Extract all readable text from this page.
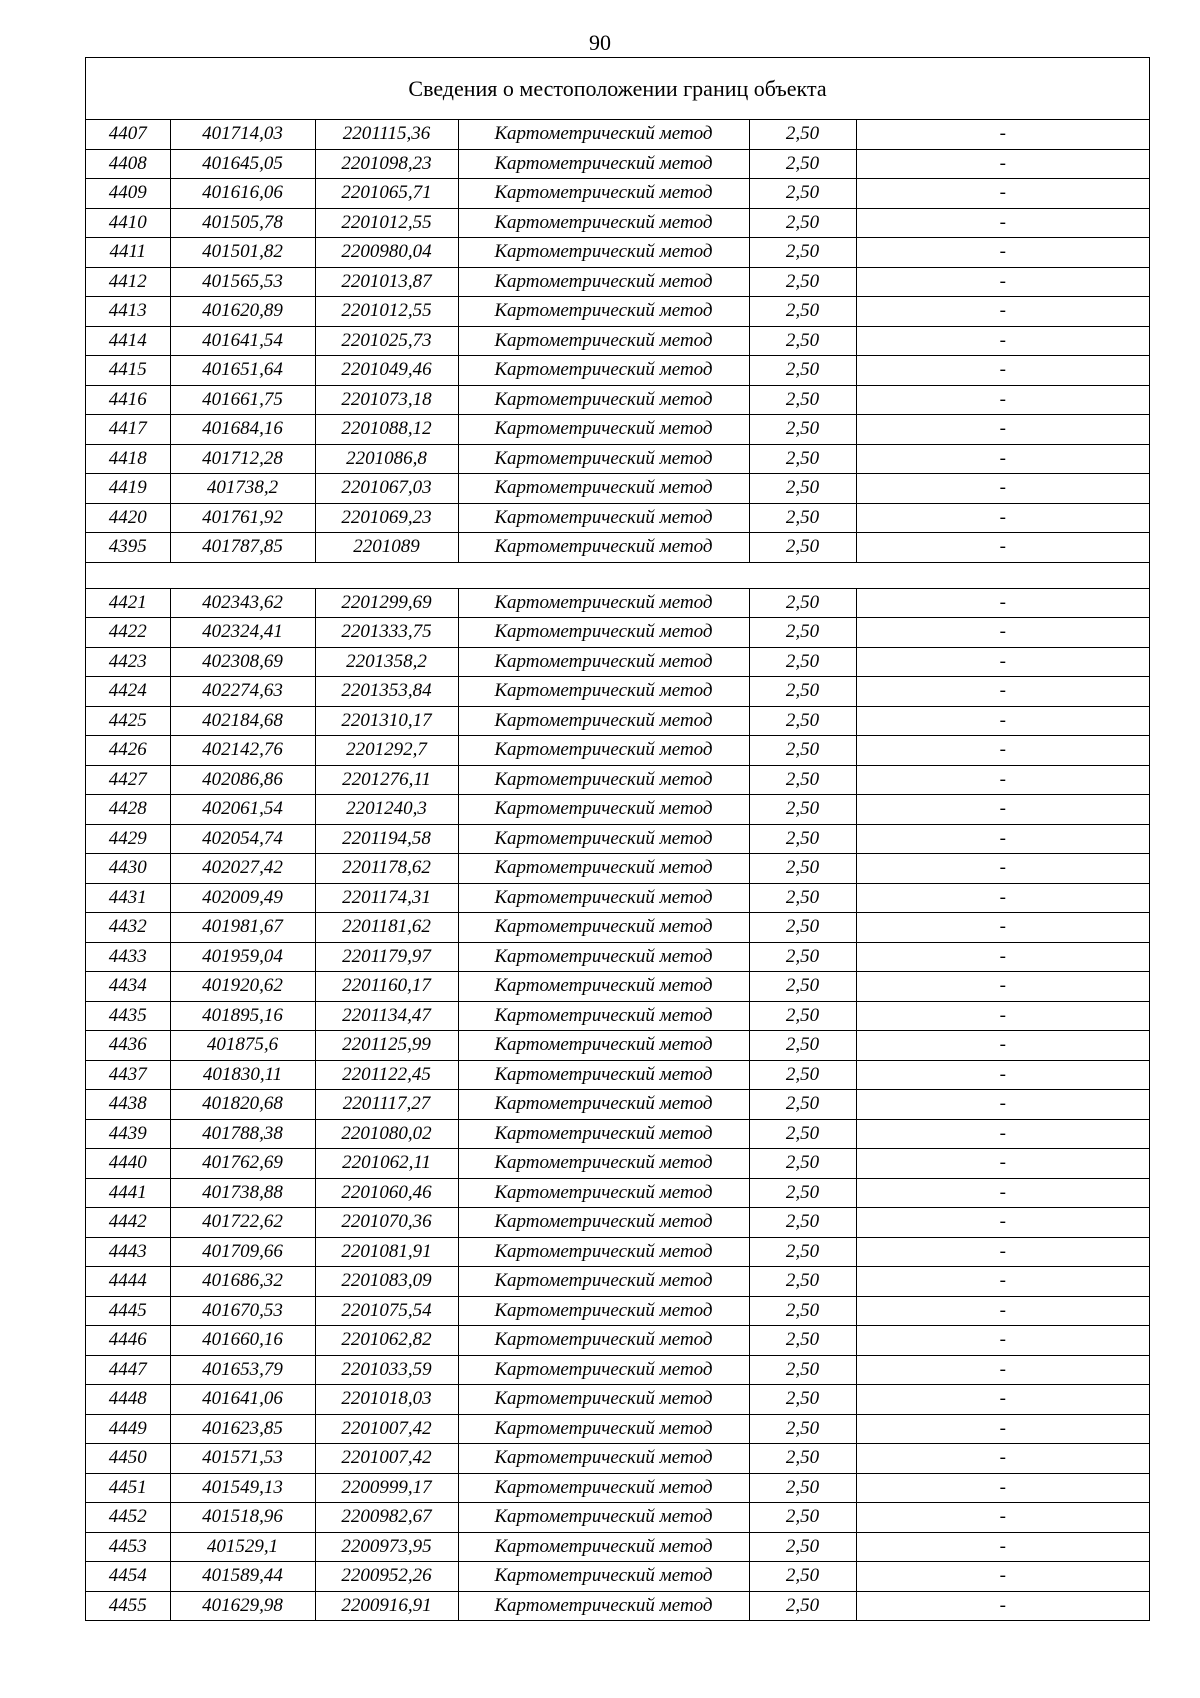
90
Сведения о местоположении границ объекта
4407	401714,03	2201115,36	Картометрический метод	2,50	-
4408	401645,05	2201098,23	Картометрический метод	2,50	-
4409	401616,06	2201065,71	Картометрический метод	2,50	-
4410	401505,78	2201012,55	Картометрический метод	2,50	-
4411	401501,82	2200980,04	Картометрический метод	2,50	-
4412	401565,53	2201013,87	Картометрический метод	2,50	-
4413	401620,89	2201012,55	Картометрический метод	2,50	-
4414	401641,54	2201025,73	Картометрический метод	2,50	-
4415	401651,64	2201049,46	Картометрический метод	2,50	-
4416	401661,75	2201073,18	Картометрический метод	2,50	-
4417	401684,16	2201088,12	Картометрический метод	2,50	-
4418	401712,28	2201086,8	Картометрический метод	2,50	-
4419	401738,2	2201067,03	Картометрический метод	2,50	-
4420	401761,92	2201069,23	Картометрический метод	2,50	-
4395	401787,85	2201089	Картометрический метод	2,50	-

4421	402343,62	2201299,69	Картометрический метод	2,50	-
4422	402324,41	2201333,75	Картометрический метод	2,50	-
4423	402308,69	2201358,2	Картометрический метод	2,50	-
4424	402274,63	2201353,84	Картометрический метод	2,50	-
4425	402184,68	2201310,17	Картометрический метод	2,50	-
4426	402142,76	2201292,7	Картометрический метод	2,50	-
4427	402086,86	2201276,11	Картометрический метод	2,50	-
4428	402061,54	2201240,3	Картометрический метод	2,50	-
4429	402054,74	2201194,58	Картометрический метод	2,50	-
4430	402027,42	2201178,62	Картометрический метод	2,50	-
4431	402009,49	2201174,31	Картометрический метод	2,50	-
4432	401981,67	2201181,62	Картометрический метод	2,50	-
4433	401959,04	2201179,97	Картометрический метод	2,50	-
4434	401920,62	2201160,17	Картометрический метод	2,50	-
4435	401895,16	2201134,47	Картометрический метод	2,50	-
4436	401875,6	2201125,99	Картометрический метод	2,50	-
4437	401830,11	2201122,45	Картометрический метод	2,50	-
4438	401820,68	2201117,27	Картометрический метод	2,50	-
4439	401788,38	2201080,02	Картометрический метод	2,50	-
4440	401762,69	2201062,11	Картометрический метод	2,50	-
4441	401738,88	2201060,46	Картометрический метод	2,50	-
4442	401722,62	2201070,36	Картометрический метод	2,50	-
4443	401709,66	2201081,91	Картометрический метод	2,50	-
4444	401686,32	2201083,09	Картометрический метод	2,50	-
4445	401670,53	2201075,54	Картометрический метод	2,50	-
4446	401660,16	2201062,82	Картометрический метод	2,50	-
4447	401653,79	2201033,59	Картометрический метод	2,50	-
4448	401641,06	2201018,03	Картометрический метод	2,50	-
4449	401623,85	2201007,42	Картометрический метод	2,50	-
4450	401571,53	2201007,42	Картометрический метод	2,50	-
4451	401549,13	2200999,17	Картометрический метод	2,50	-
4452	401518,96	2200982,67	Картометрический метод	2,50	-
4453	401529,1	2200973,95	Картометрический метод	2,50	-
4454	401589,44	2200952,26	Картометрический метод	2,50	-
4455	401629,98	2200916,91	Картометрический метод	2,50	-
